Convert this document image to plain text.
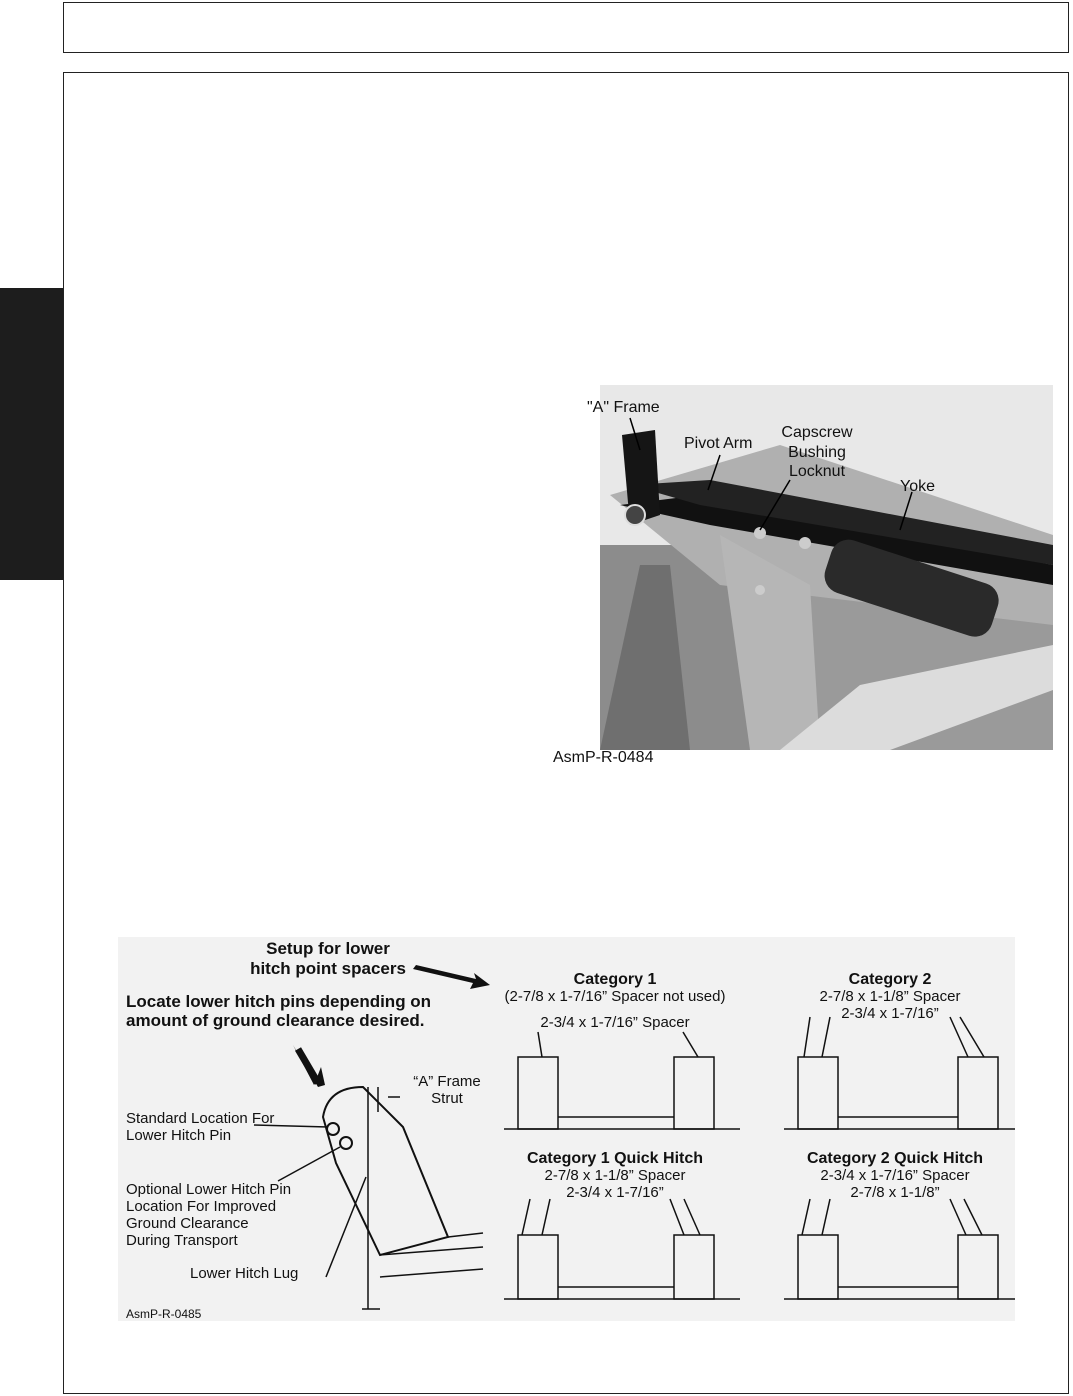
"A" Frame
Pivot Arm
Capscrew
Bushing
Locknut
Yoke
AsmP-R-0484
Setup for lower
hitch point spacers
Locate lower hitch pins depending on
amount of ground clearance desired.
“A” Frame
Strut
Standard Location For
Lower Hitch Pin
Optional Lower Hitch Pin
Location For Improved
Ground Clearance
During Transport
Lower Hitch Lug
AsmP-R-0485
Category 1
(2-7/8 x 1-7/16” Spacer not used)
2-3/4 x 1-7/16” Spacer
Category 2
2-7/8 x 1-1/8” Spacer
2-3/4 x 1-7/16”
Category 1 Quick Hitch
2-7/8 x 1-1/8” Spacer
2-3/4 x 1-7/16”
Category 2 Quick Hitch
2-3/4 x 1-7/16” Spacer
2-7/8 x 1-1/8”
